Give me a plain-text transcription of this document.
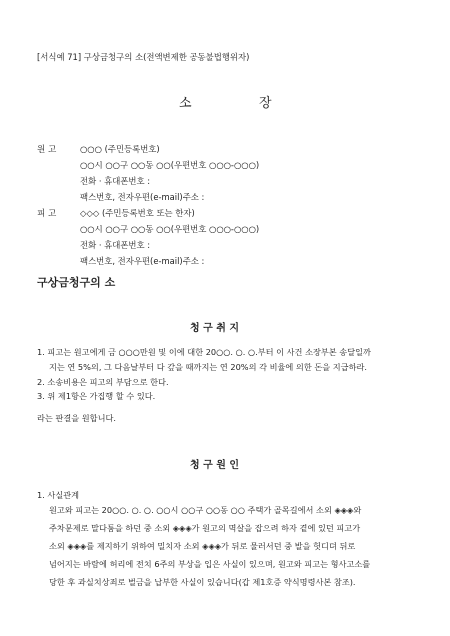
[서식예 71] 구상금청구의 소(전액변제한 공동불법행위자)
소	장
원 고	○○○ (주민등록번호)
○○시 ○○구 ○○동 ○○(우편번호 ○○○-○○○)
전화 · 휴대폰번호 :
팩스번호, 전자우편(e-mail)주소 :
피 고	◇◇◇ (주민등록번호 또는 한자)
○○시 ○○구 ○○동 ○○(우편번호 ○○○-○○○)
전화 · 휴대폰번호 :
팩스번호, 전자우편(e-mail)주소 :
구상금청구의 소
청 구 취 지
1. 피고는 원고에게 금 ○○○만원 및 이에 대한 20○○. ○. ○.부터 이 사건 소장부본 송달일까
지는 연 5%의, 그 다음날부터 다 갚을 때까지는 연 20%의 각 비율에 의한 돈을 지급하라.
2. 소송비용은 피고의 부담으로 한다.
3. 위 제1항은 가집행 할 수 있다.
라는 판결을 원합니다.
청 구 원 인
1. 사실관계
원고와 피고는 20○○. ○. ○. ○○시 ○○구 ○○동 ○○ 주택가 골목길에서 소외 ◈◈◈와
주차문제로 말다툼을 하던 중 소외 ◈◈◈가 원고의 멱살을 잡으려 하자 곁에 있던 피고가
소외 ◈◈◈를 제지하기 위하여 밀치자 소외 ◈◈◈가 뒤로 물러서던 중 발을 헛디뎌 뒤로
넘어지는 바람에 허리에 전치 6주의 부상을 입은 사실이 있으며, 원고와 피고는 형사고소를
당한 후 과실치상죄로 벌금을 납부한 사실이 있습니다(갑 제1호증 약식명령사본 참조).
